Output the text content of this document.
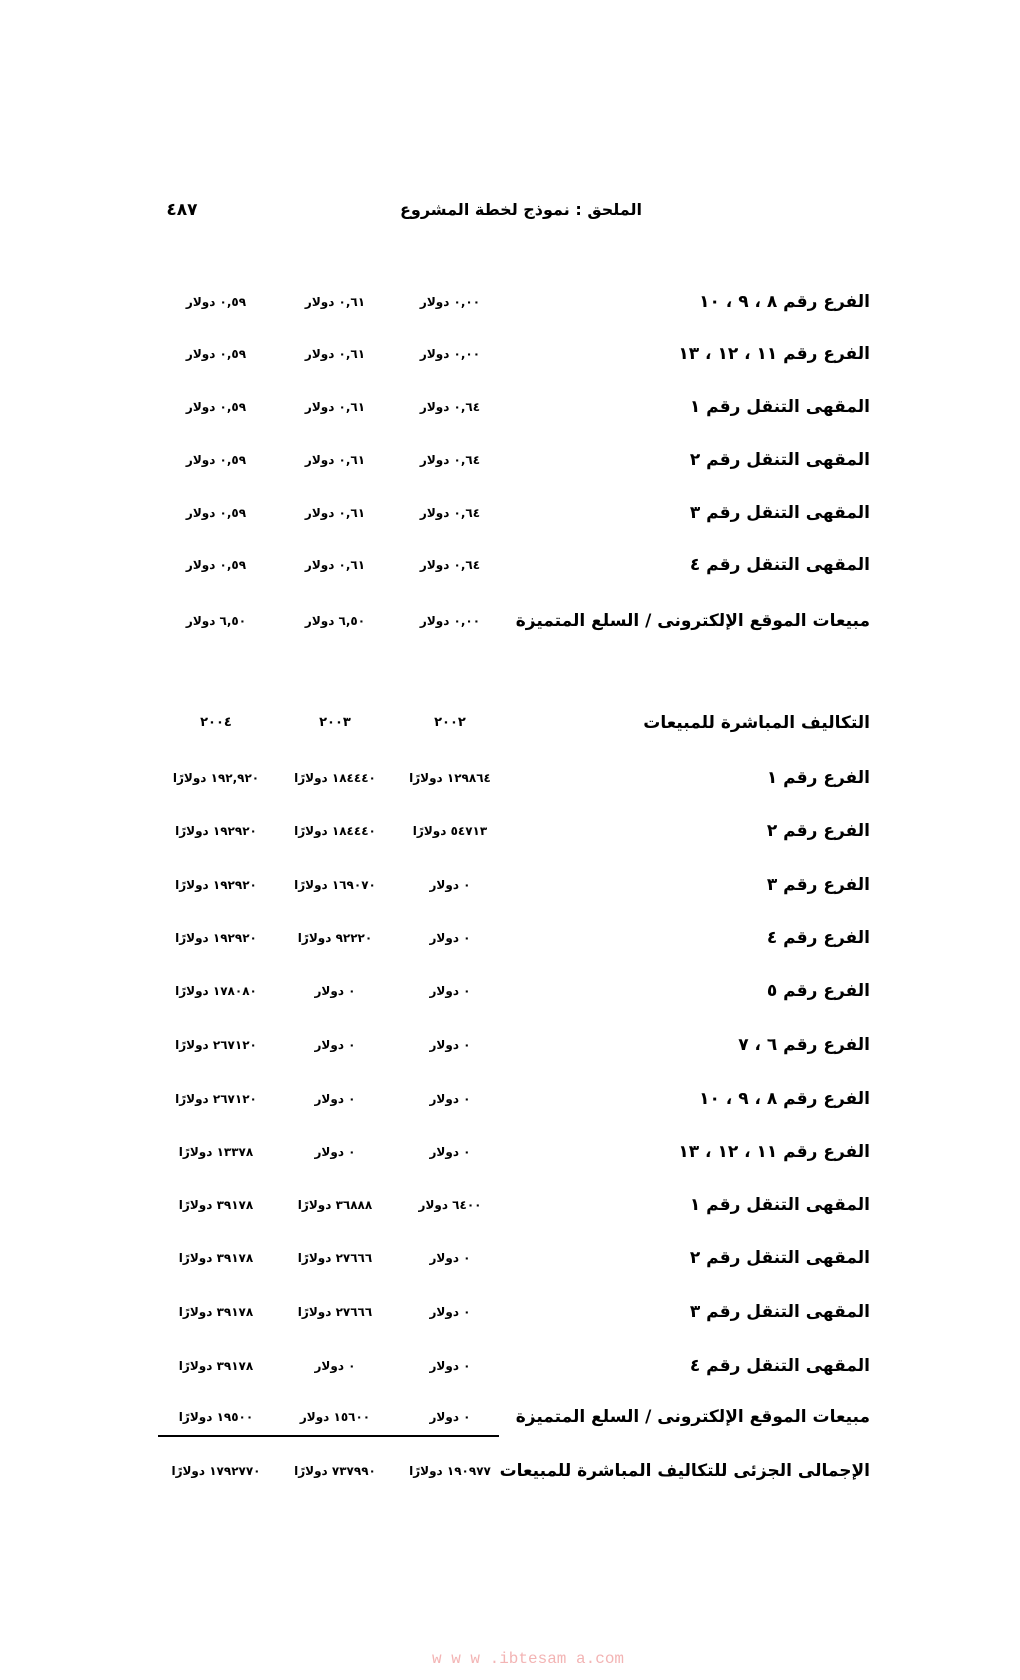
٤٨٧	الملحق : نموذج لخطة المشروع
الفرع رقم ٨ ، ٩ ، ١٠
٠,٠٠ دولار
٠,٦١ دولار
٠,٥٩ دولار
الفرع رقم ١١ ، ١٢ ، ١٣
٠,٠٠ دولار
٠,٦١ دولار
٠,٥٩ دولار
المقهى التنقل رقم ١
٠,٦٤ دولار
٠,٦١ دولار
٠,٥٩ دولار
المقهى التنقل رقم ٢
٠,٦٤ دولار
٠,٦١ دولار
٠,٥٩ دولار
المقهى التنقل رقم ٣
٠,٦٤ دولار
٠,٦١ دولار
٠,٥٩ دولار
المقهى التنقل رقم ٤
٠,٦٤ دولار
٠,٦١ دولار
٠,٥٩ دولار
مبيعات الموقع الإلكترونى / السلع المتميزة
٠,٠٠ دولار
٦,٥٠ دولار
٦,٥٠ دولار
التكاليف المباشرة للمبيعات
٢٠٠٢
٢٠٠٣
٢٠٠٤
الفرع رقم ١
١٢٩٨٦٤ دولارًا
١٨٤٤٤٠ دولارًا
١٩٢,٩٢٠ دولارًا
الفرع رقم ٢
٥٤٧١٣ دولارًا
١٨٤٤٤٠ دولارًا
١٩٢٩٢٠ دولارًا
الفرع رقم ٣
٠ دولار
١٦٩٠٧٠ دولارًا
١٩٢٩٢٠ دولارًا
الفرع رقم ٤
٠ دولار
٩٢٢٢٠ دولارًا
١٩٢٩٢٠ دولارًا
الفرع رقم ٥
٠ دولار
٠ دولار
١٧٨٠٨٠ دولارًا
الفرع رقم ٦ ، ٧
٠ دولار
٠ دولار
٢٦٧١٢٠ دولارًا
الفرع رقم ٨ ، ٩ ، ١٠
٠ دولار
٠ دولار
٢٦٧١٢٠ دولارًا
الفرع رقم ١١ ، ١٢ ، ١٣
٠ دولار
٠ دولار
١٣٣٧٨ دولارًا
المقهى التنقل رقم ١
٦٤٠٠ دولار
٣٦٨٨٨ دولارًا
٣٩١٧٨ دولارًا
المقهى التنقل رقم ٢
٠ دولار
٢٧٦٦٦ دولارًا
٣٩١٧٨ دولارًا
المقهى التنقل رقم ٣
٠ دولار
٢٧٦٦٦ دولارًا
٣٩١٧٨ دولارًا
المقهى التنقل رقم ٤
٠ دولار
٠ دولار
٣٩١٧٨ دولارًا
مبيعات الموقع الإلكترونى / السلع المتميزة
٠ دولار
١٥٦٠٠ دولار
١٩٥٠٠ دولارًا
الإجمالى الجزئى للتكاليف المباشرة للمبيعات
١٩٠٩٧٧ دولارًا
٧٣٧٩٩٠ دولارًا
١٧٩٢٧٧٠ دولارًا
w w w .ibtesam a.com
